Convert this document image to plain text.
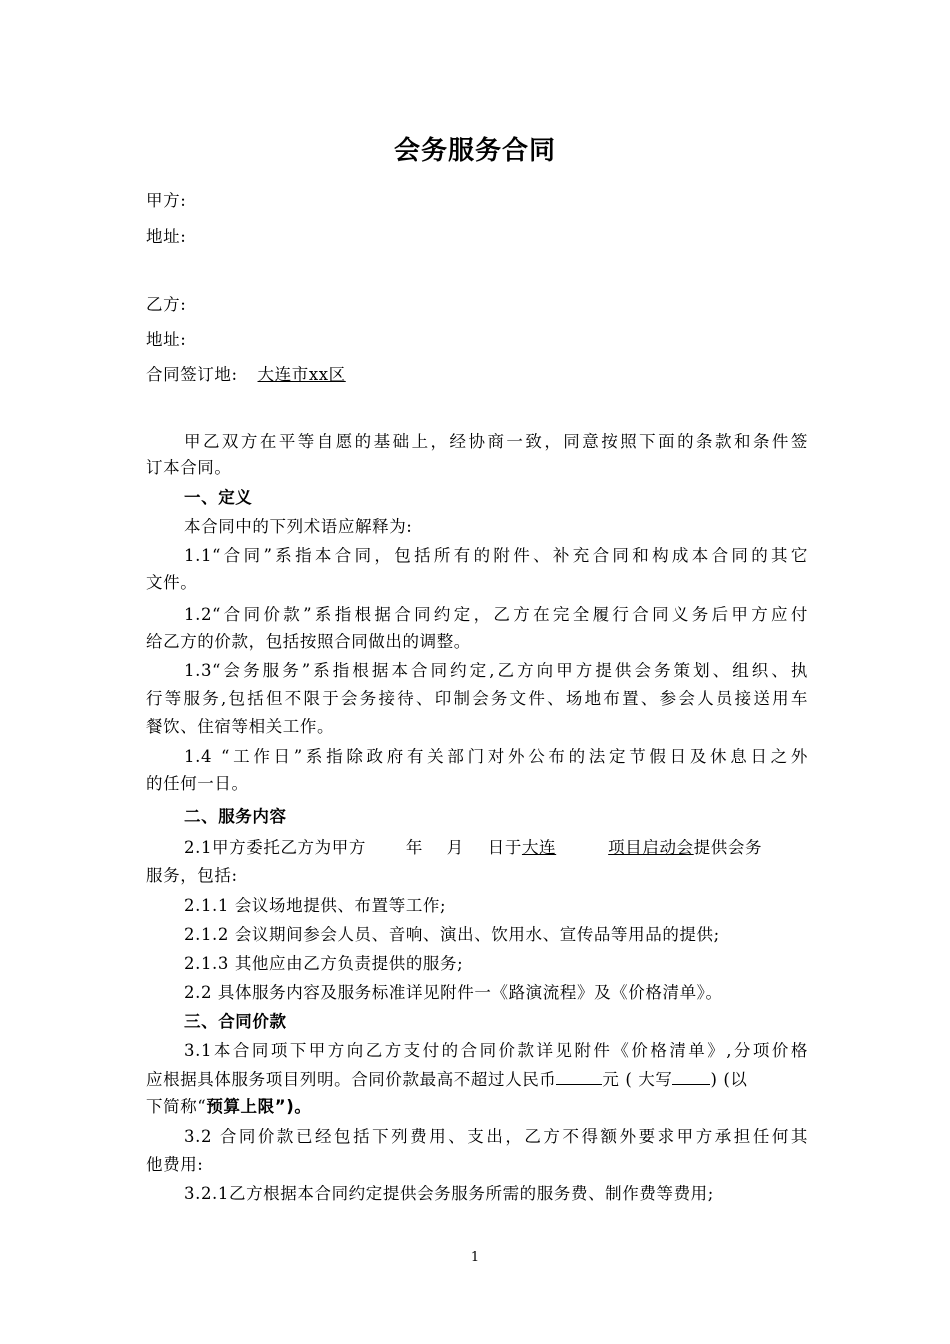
会务服务合同
甲方:
地址:
乙方:
地址:
合同签订地: 大连市xx区
甲乙双方在平等自愿的基础上，经协商一致，同意按照下面的条款和条件签
订本合同。
一、定义
本合同中的下列术语应解释为:
1.1“合同”系指本合同，包括所有的附件、补充合同和构成本合同的其它
文件。
1.2“合同价款”系指根据合同约定，乙方在完全履行合同义务后甲方应付
给乙方的价款，包括按照合同做出的调整。
1.3“会务服务”系指根据本合同约定,乙方向甲方提供会务策划、组织、执
行等服务,包括但不限于会务接待、印制会务文件、场地布置、参会人员接送用车
餐饮、住宿等相关工作。
1.4 “工作日”系指除政府有关部门对外公布的法定节假日及休息日之外
的任何一日。
二、服务内容
2.1甲方委托乙方为甲方 年 月 日于大连	项目启动会提供会务
服务，包括:
2.1.1 会议场地提供、布置等工作;
2.1.2 会议期间参会人员、音响、演出、饮用水、宣传品等用品的提供;
2.1.3 其他应由乙方负责提供的服务;
2.2 具体服务内容及服务标准详见附件一《路演流程》及《价格清单》。
三、合同价款
3.1本合同项下甲方向乙方支付的合同价款详见附件《价格清单》,分项价格
应根据具体服务项目列明。合同价款最高不超过人民币	元 ( 大写 ) (以
下简称“预算上限”)。
3.2 合同价款已经包括下列费用、支出，乙方不得额外要求甲方承担任何其
他费用:
3.2.1乙方根据本合同约定提供会务服务所需的服务费、制作费等费用;
1
